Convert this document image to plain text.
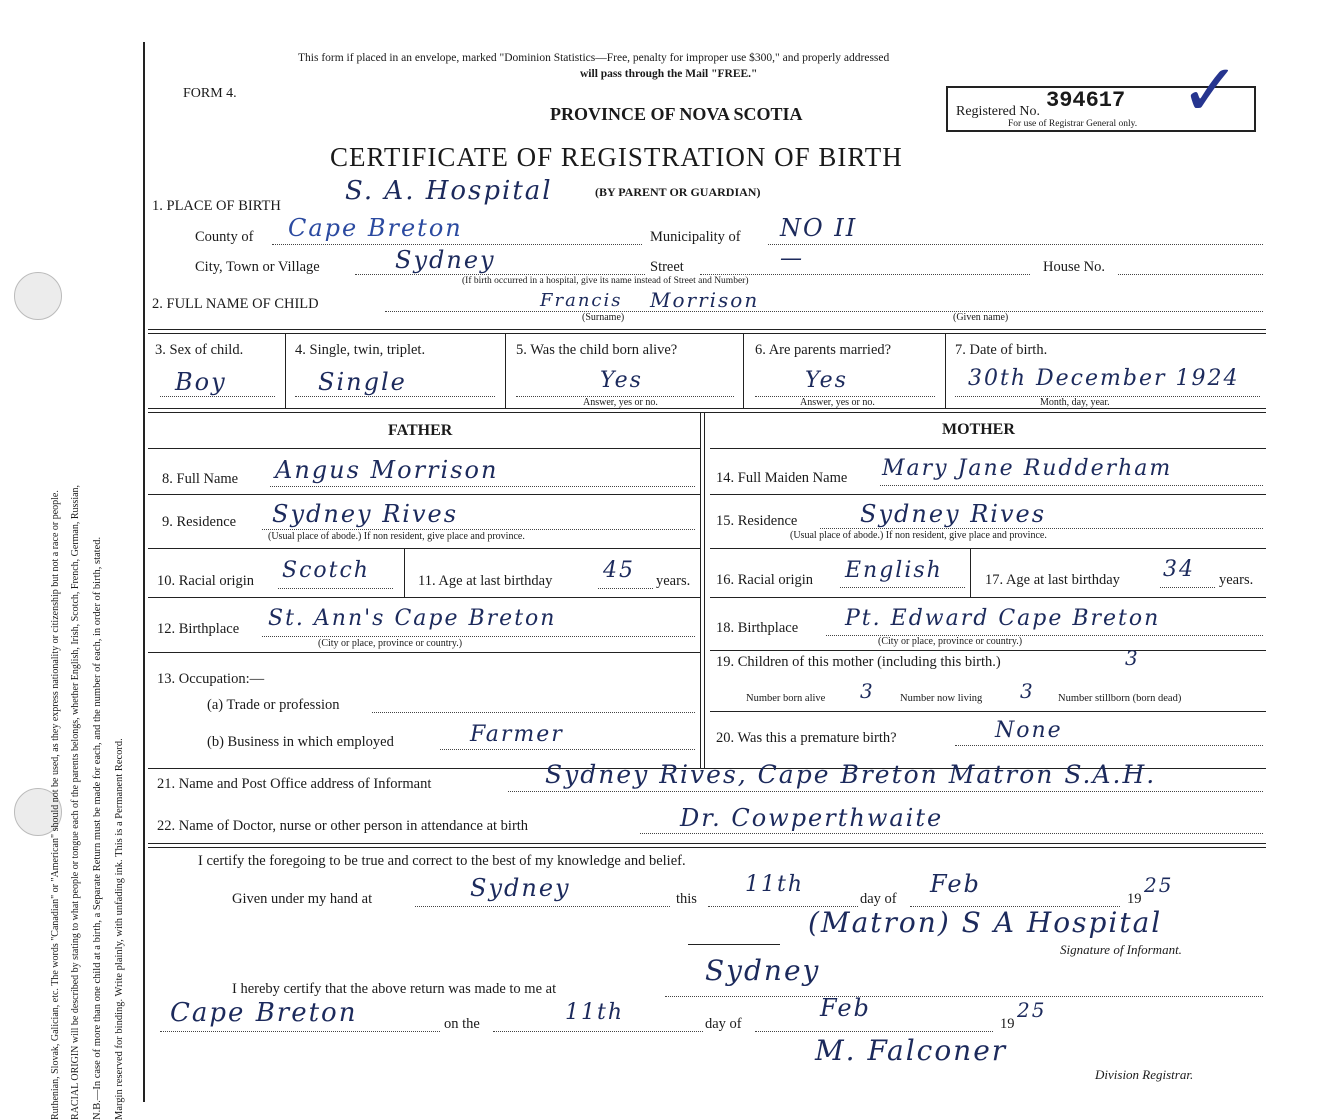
Margin reserved for binding. Write plainly, with unfading ink. This is a Permanent Record.
N.B.—In case of more than one child at a birth, a Separate Return must be made for each, and the number of each, in order of birth, stated.
RACIAL ORIGIN will be described by stating to what people or tongue each of the parents belongs, whether English, Irish, Scotch, French, German, Russian,
Ruthenian, Slovak, Galician, etc. The words "Canadian" or "American" should not be used, as they express nationality or citizenship but not a race or people.
This form if placed in an envelope, marked "Dominion Statistics—Free, penalty for improper use $300," and properly addressed
will pass through the Mail "FREE."
FORM 4.
PROVINCE OF NOVA SCOTIA
CERTIFICATE OF REGISTRATION OF BIRTH
Registered No. 394617
For use of Registrar General only. ✓
1. PLACE OF BIRTH S. A. Hospital	(BY PARENT OR GUARDIAN)
County of Cape Breton	Municipality of NO II
City, Town or Village	Sydney	Street	—	House No.
(If birth occurred in a hospital, give its name instead of Street and Number)
2. FULL NAME OF CHILD	Francis Morrison
(Surname)	(Given name)
3. Sex of child.
Boy
4. Single, twin, triplet.
Single
5. Was the child born alive?
Yes
Answer, yes or no.
6. Are parents married?
Yes
Answer, yes or no.
7. Date of birth.
30th December 1924
Month, day, year.
FATHER	MOTHER
8. Full Name Angus Morrison
9. Residence Sydney Rives
(Usual place of abode.) If non resident, give place and province.
10. Racial origin Scotch	11. Age at last birthday 45 years.
12. Birthplace St. Ann's Cape Breton
(City or place, province or country.)
13. Occupation:—
(a) Trade or profession
(b) Business in which employed	Farmer
14. Full Maiden Name Mary Jane Rudderham
15. Residence	Sydney Rives
(Usual place of abode.) If non resident, give place and province.
16. Racial origin English	17. Age at last birthday 34 years.
18. Birthplace Pt. Edward Cape Breton
(City or place, province or country.)
19. Children of this mother (including this birth.)	3
Number born alive 3 Number now living 3 Number stillborn (born dead)
20. Was this a premature birth?	None
21. Name and Post Office address of Informant	Sydney Rives, Cape Breton Matron S.A.H.
22. Name of Doctor, nurse or other person in attendance at birth	Dr. Cowperthwaite
I certify the foregoing to be true and correct to the best of my knowledge and belief.
Given under my hand at	Sydney	this
11th
day of
Feb
19
25
(Matron) S A Hospital
Signature of Informant.
I hereby certify that the above return was made to me at
Sydney
Cape Breton	on the	11th	day of
Feb
19
25
M. Falconer
Division Registrar.
